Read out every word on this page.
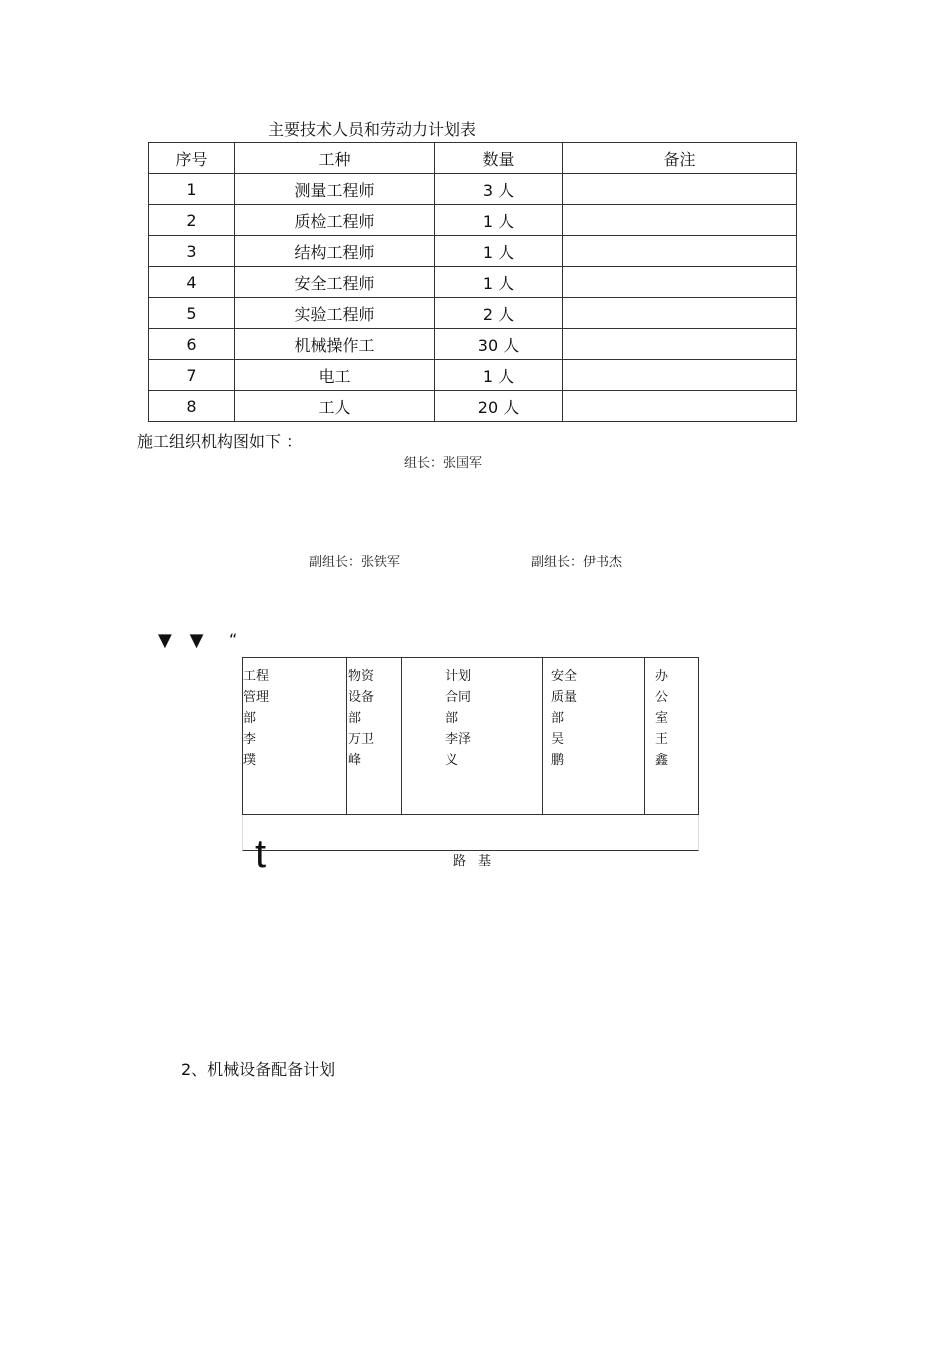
主要技术人员和劳动力计划表
序号	工种	数量	备注
1	测量工程师	3 人	
2	质检工程师	1 人	
3	结构工程师	1 人	
4	安全工程师	1 人	
5	实验工程师	2 人	
6	机械操作工	30 人	
7	电工	1 人	
8	工人	20 人	
施工组织机构图如下 ：
组长：张国军
副组长：张铁军	副组长：伊书杰
▼ ▼ “
工程
管理
部
李
璞
物资
设备
部
万卫
峰
计划
合同
部
李泽
义
安全
质量
部
吴
鹏
办
公
室
王
鑫
t	路基
2、机械设备配备计划
